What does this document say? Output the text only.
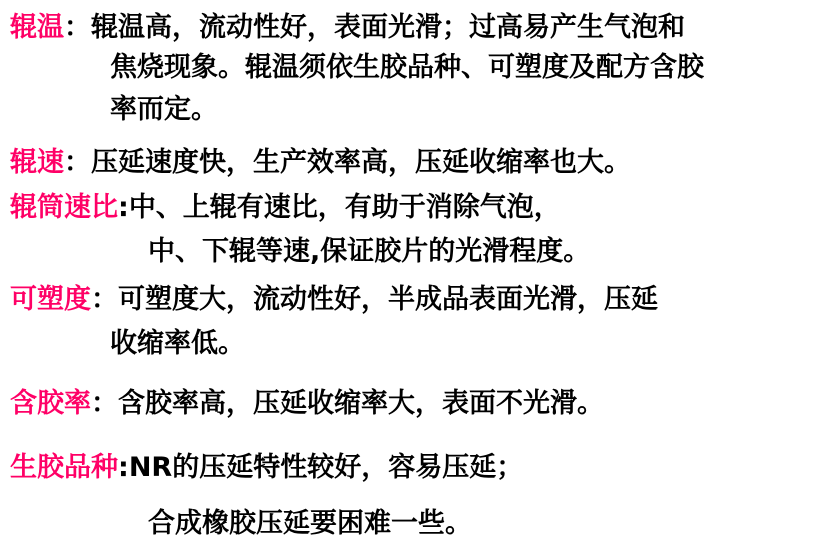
辊温：辊温高，流动性好，表面光滑；过高易产生气泡和
焦烧现象。辊温须依生胶品种、可塑度及配方含胶
率而定。
辊速：压延速度快，生产效率高，压延收缩率也大。
辊筒速比:中、上辊有速比，有助于消除气泡，
中、下辊等速,保证胶片的光滑程度。
可塑度：可塑度大，流动性好，半成品表面光滑，压延
收缩率低。
含胶率：含胶率高，压延收缩率大，表面不光滑。
生胶品种:NR的压延特性较好，容易压延；
合成橡胶压延要困难一些。
